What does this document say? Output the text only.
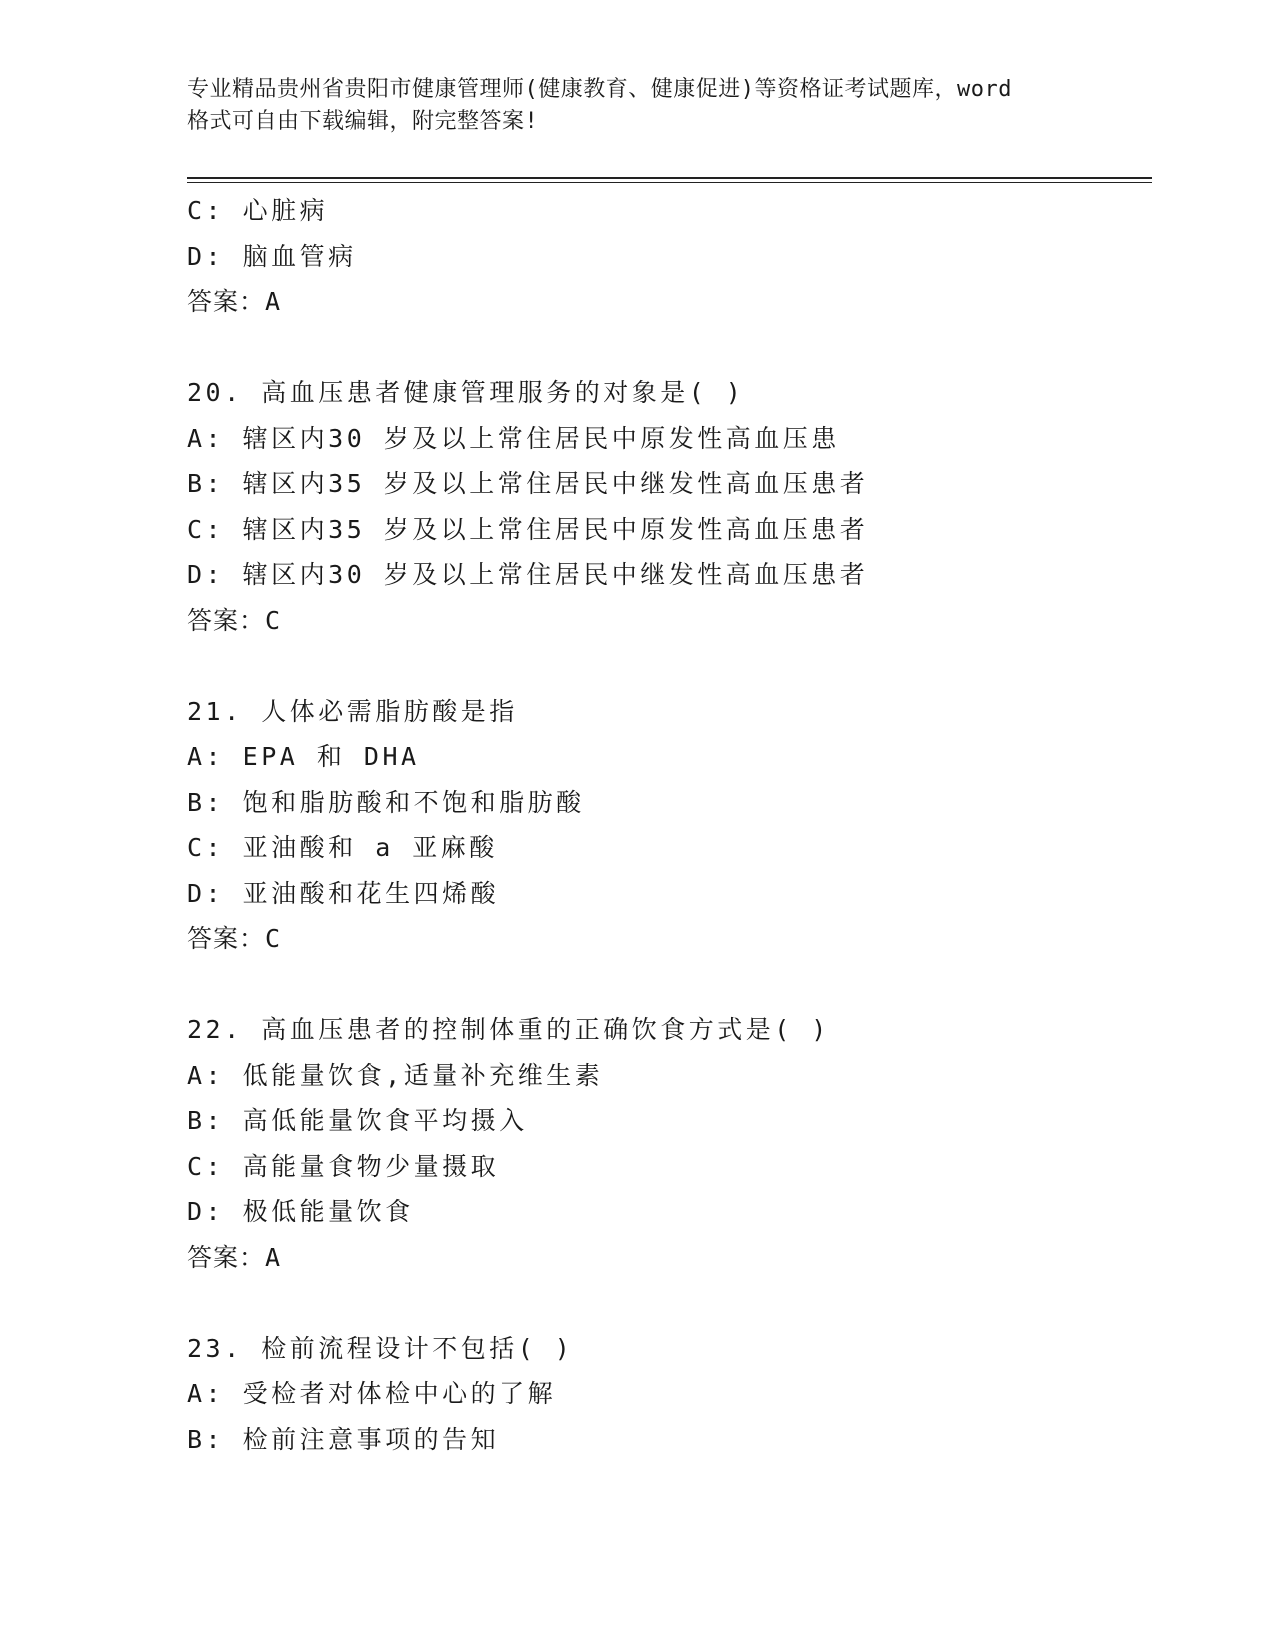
专业精品贵州省贵阳市健康管理师(健康教育、健康促进)等资格证考试题库，word
格式可自由下载编辑，附完整答案!
C: 心脏病
D: 脑血管病
答案：A
20. 高血压患者健康管理服务的对象是( )
A: 辖区内30 岁及以上常住居民中原发性高血压患
B: 辖区内35 岁及以上常住居民中继发性高血压患者
C: 辖区内35 岁及以上常住居民中原发性高血压患者
D: 辖区内30 岁及以上常住居民中继发性高血压患者
答案：C
21. 人体必需脂肪酸是指
A: EPA 和 DHA
B: 饱和脂肪酸和不饱和脂肪酸
C: 亚油酸和 a 亚麻酸
D: 亚油酸和花生四烯酸
答案：C
22. 高血压患者的控制体重的正确饮食方式是( )
A: 低能量饮食,适量补充维生素
B: 高低能量饮食平均摄入
C: 高能量食物少量摄取
D: 极低能量饮食
答案：A
23. 检前流程设计不包括( )
A: 受检者对体检中心的了解
B: 检前注意事项的告知
